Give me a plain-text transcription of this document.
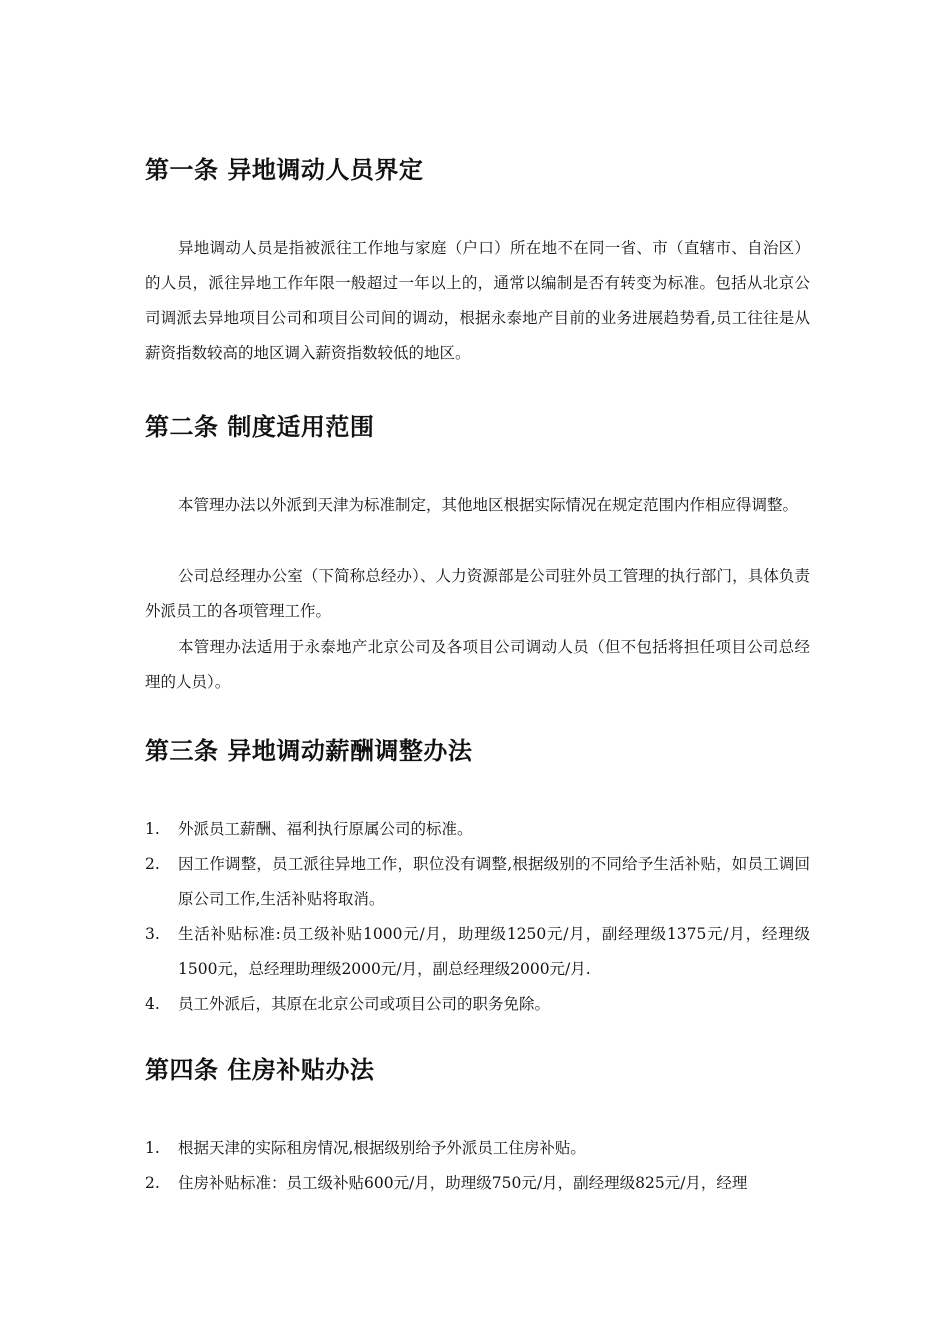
第一条 异地调动人员界定

异地调动人员是指被派往工作地与家庭（户口）所在地不在同一省、市（直辖市、自治区）的人员，派往异地工作年限一般超过一年以上的，通常以编制是否有转变为标准。包括从北京公司调派去异地项目公司和项目公司间的调动，根据永泰地产目前的业务进展趋势看,员工往往是从薪资指数较高的地区调入薪资指数较低的地区。

第二条 制度适用范围

本管理办法以外派到天津为标准制定，其他地区根据实际情况在规定范围内作相应得调整。

公司总经理办公室（下简称总经办）、人力资源部是公司驻外员工管理的执行部门，具体负责外派员工的各项管理工作。

本管理办法适用于永泰地产北京公司及各项目公司调动人员（但不包括将担任项目公司总经理的人员）。

第三条 异地调动薪酬调整办法
1. 外派员工薪酬、福利执行原属公司的标准。
2. 因工作调整，员工派往异地工作，职位没有调整,根据级别的不同给予生活补贴，如员工调回原公司工作,生活补贴将取消。
3. 生活补贴标准:员工级补贴1000元/月，助理级1250元/月，副经理级1375元/月，经理级1500元，总经理助理级2000元/月，副总经理级2000元/月.
4. 员工外派后，其原在北京公司或项目公司的职务免除。
第四条 住房补贴办法
1. 根据天津的实际租房情况,根据级别给予外派员工住房补贴。
2. 住房补贴标准：员工级补贴600元/月，助理级750元/月，副经理级825元/月，经理
